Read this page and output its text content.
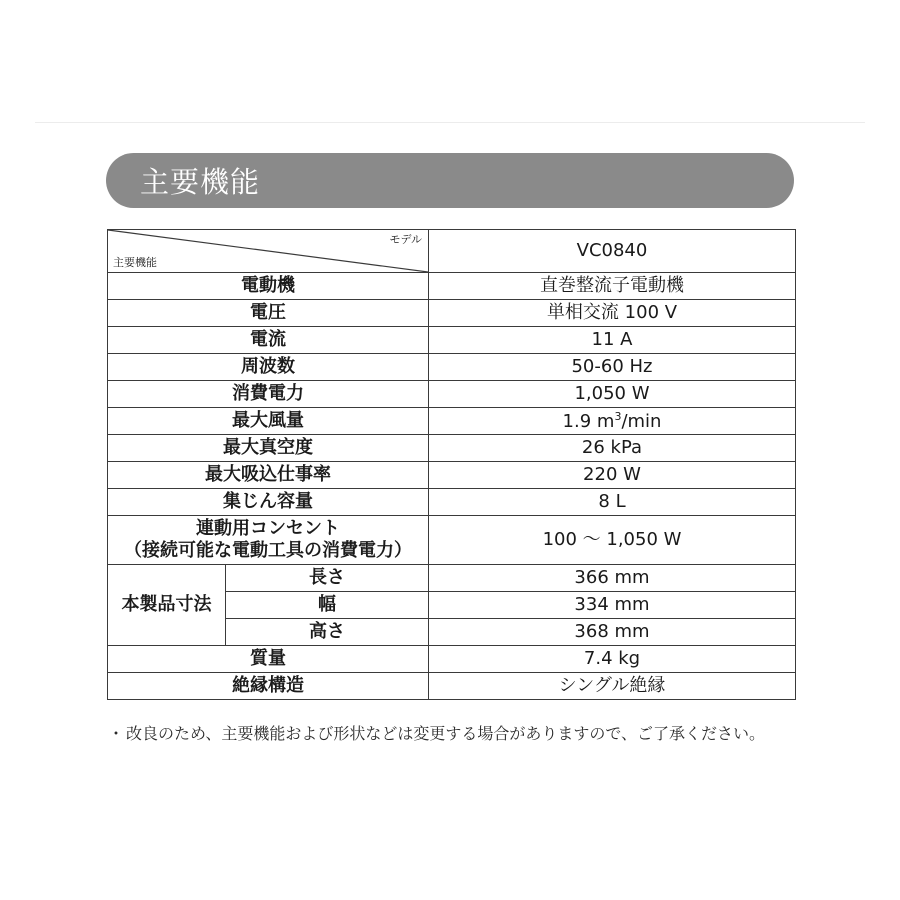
主要機能
モデル
主要機能		VC0840
電動機		直巻整流子電動機
電圧		単相交流 100 V
電流		11 A
周波数		50-60 Hz
消費電力		1,050 W
最大風量		1.9 $m^3/\min$
最大真空度		26 kPa
最大吸込仕事率		220 W
集じん容量		8 L

連動用コンセント
（接続可能な電動工具の消費電力）		100 ～ 1,050 W
本製品寸法	長さ	366 mm
	幅	334 mm
	高さ	368 mm
質量		7.4 kg
絶縁構造		シングル絶縁
・ 改良のため、主要機能および形状などは変更する場合がありますので、ご了承ください。
